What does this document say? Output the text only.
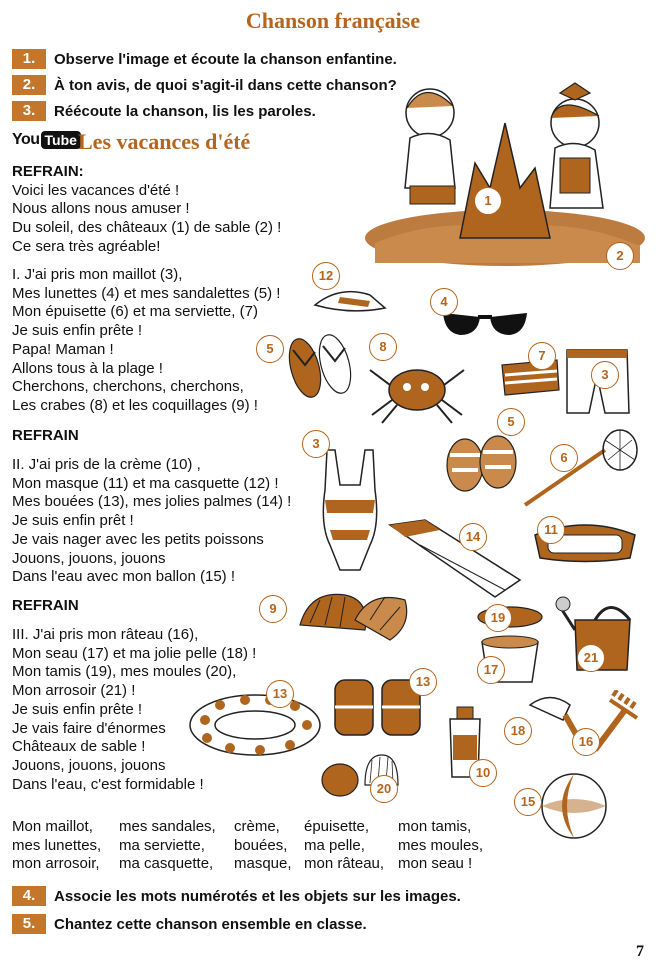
Chanson française
1.	Observe l'image et écoute la chanson enfantine.
2.	À ton avis, de quoi s'agit-il dans cette chanson?
3.	Réécoute la chanson, lis les paroles.
You Tube Les vacances d'été
REFRAIN:
Voici les vacances d'été !
Nous allons nous amuser !
Du soleil, des châteaux (1) de sable (2) !
Ce sera très agréable!
I. J'ai pris mon maillot (3),
Mes lunettes (4) et mes sandalettes (5) !
Mon épuisette (6) et ma serviette, (7)
Je suis enfin prête !
Papa! Maman !
Allons tous à la plage !
Cherchons, cherchons, cherchons,
Les crabes (8) et les coquillages (9) !
REFRAIN
II. J'ai pris de la crème (10) ,
Mon masque (11) et ma casquette (12) !
Mes bouées (13), mes jolies palmes (14) !
Je suis enfin prêt !
Je vais nager avec les petits poissons
Jouons, jouons, jouons
Dans l'eau avec mon ballon (15) !
REFRAIN
III. J'ai pris mon râteau (16),
Mon seau (17) et ma jolie pelle (18) !
Mon tamis (19), mes moules (20),
Mon arrosoir (21) !
Je suis enfin prête !
Je vais faire d'énormes
Châteaux de sable !
Jouons, jouons, jouons
Dans l'eau, c'est formidable !
Mon maillot,	mes sandales,	crème,	épuisette,	mon tamis,
mes lunettes,	ma serviette,	bouées,	ma pelle,	mes moules,
mon arrosoir,	ma casquette,	masque, mon râteau, mon seau !
4.	Associe les mots numérotés et les objets sur les images.
5.	Chantez cette chanson ensemble en classe.
7
1
2
12
4
5	8
7
3
3
5
6
14	11
9
19
21
17
13
13
18
16
10
20
15
